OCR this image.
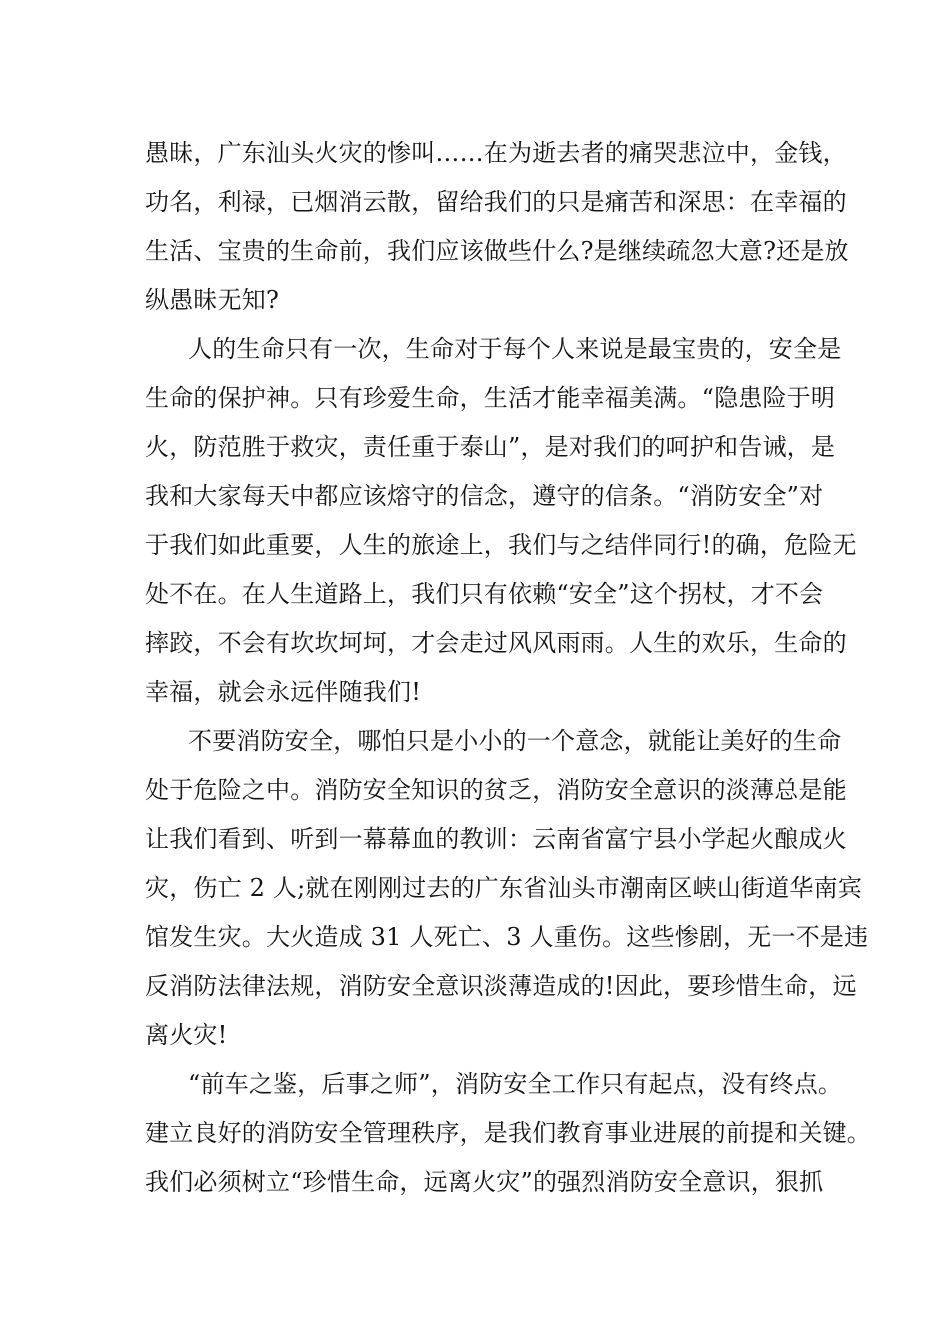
愚昧，广东汕头火灾的惨叫……在为逝去者的痛哭悲泣中，金钱，
功名，利禄，已烟消云散，留给我们的只是痛苦和深思：在幸福的
生活、宝贵的生命前，我们应该做些什么?是继续疏忽大意?还是放
纵愚昧无知?
人的生命只有一次，生命对于每个人来说是最宝贵的，安全是
生命的保护神。只有珍爱生命，生活才能幸福美满。“隐患险于明
火，防范胜于救灾，责任重于泰山”，是对我们的呵护和告诫，是
我和大家每天中都应该熔守的信念，遵守的信条。“消防安全”对
于我们如此重要，人生的旅途上，我们与之结伴同行!的确，危险无
处不在。在人生道路上，我们只有依赖“安全”这个拐杖，才不会
摔跤，不会有坎坎坷坷，才会走过风风雨雨。人生的欢乐，生命的
幸福，就会永远伴随我们!
不要消防安全，哪怕只是小小的一个意念，就能让美好的生命
处于危险之中。消防安全知识的贫乏，消防安全意识的淡薄总是能
让我们看到、听到一幕幕血的教训：云南省富宁县小学起火酿成火
灾，伤亡 2 人;就在刚刚过去的广东省汕头市潮南区峡山街道华南宾
馆发生灾。大火造成 31 人死亡、3 人重伤。这些惨剧，无一不是违
反消防法律法规，消防安全意识淡薄造成的!因此，要珍惜生命，远
离火灾!
“前车之鉴，后事之师”，消防安全工作只有起点，没有终点。
建立良好的消防安全管理秩序，是我们教育事业进展的前提和关键。
我们必须树立“珍惜生命，远离火灾”的强烈消防安全意识，狠抓
